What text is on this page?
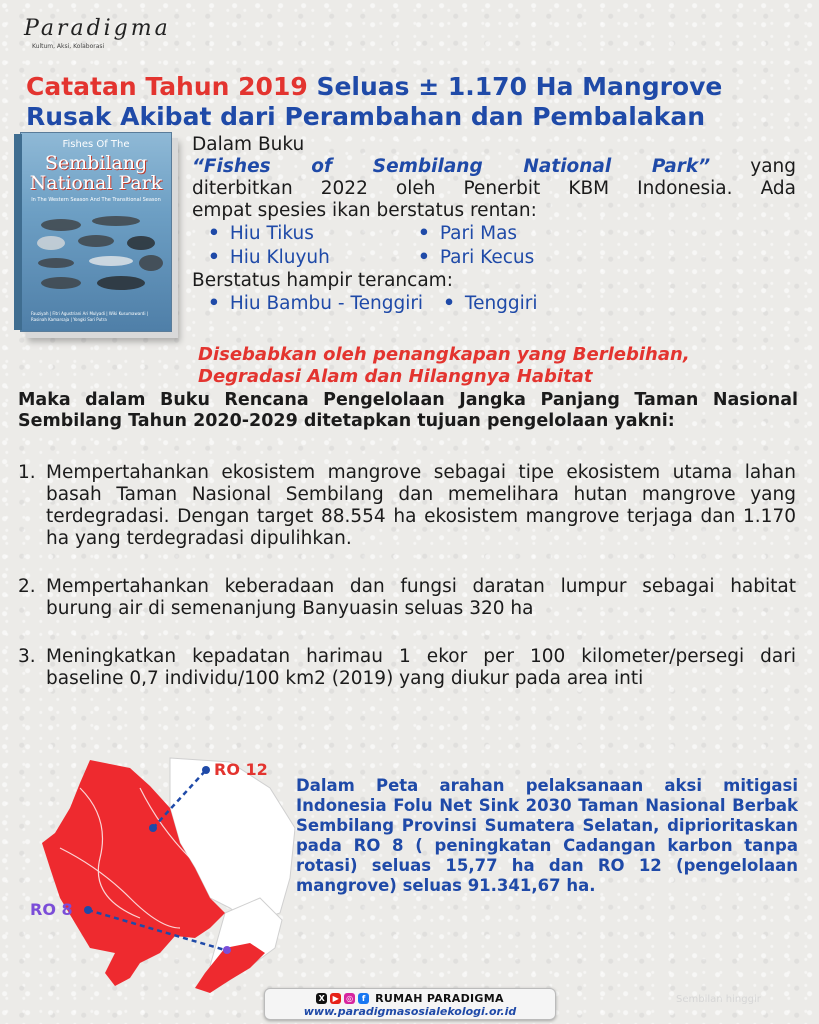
Paradigma
Kultum, Aksi, Kolaborasi
Catatan Tahun 2019 Seluas ± 1.170 Ha Mangrove
Rusak Akibat dari Perambahan dan Pembalakan
Fishes Of The
Sembilang National Park
In The Western Season And The Transitional Season
Fauziyah | Fitri Agustriani Ari Mulyadi | Wiki Kusumawardi | Rasinah Kamarsaja | Yongki Sari Putra
Dalam Buku
“Fishes of Sembilang National Park” yang
diterbitkan 2022 oleh Penerbit KBM Indonesia. Ada
empat spesies ikan berstatus rentan:
• Hiu Tikus	• Pari Mas
• Hiu Kluyuh	• Pari Kecus
Berstatus hampir terancam:
• Hiu Bambu - Tenggiri	• Tenggiri
Disebabkan oleh penangkapan yang Berlebihan,
Degradasi Alam dan Hilangnya Habitat
Maka dalam Buku Rencana Pengelolaan Jangka Panjang Taman Nasional Sembilang Tahun 2020-2029 ditetapkan tujuan pengelolaan yakni:
1. Mempertahankan ekosistem mangrove sebagai tipe ekosistem utama lahan basah Taman Nasional Sembilang dan memelihara hutan mangrove yang terdegradasi. Dengan target 88.554 ha ekosistem mangrove terjaga dan 1.170 ha yang terdegradasi dipulihkan.
2. Mempertahankan keberadaan dan fungsi daratan lumpur sebagai habitat burung air di semenanjung Banyuasin seluas 320 ha
3. Meningkatkan kepadatan harimau 1 ekor per 100 kilometer/persegi dari baseline 0,7 individu/100 km2 (2019) yang diukur pada area inti
RO 12
RO 8
Dalam Peta arahan pelaksanaan aksi mitigasi Indonesia Folu Net Sink 2030 Taman Nasional Berbak Sembilang Provinsi Sumatera Selatan, diprioritaskan pada RO 8 ( peningkatan Cadangan karbon tanpa rotasi) seluas 15,77 ha dan RO 12 (pengelolaan mangrove) seluas 91.341,67 ha.
X ▶ ◎	f RUMAH PARADIGMA
www.paradigmasosialekologi.or.id
Sembilan hinggir
